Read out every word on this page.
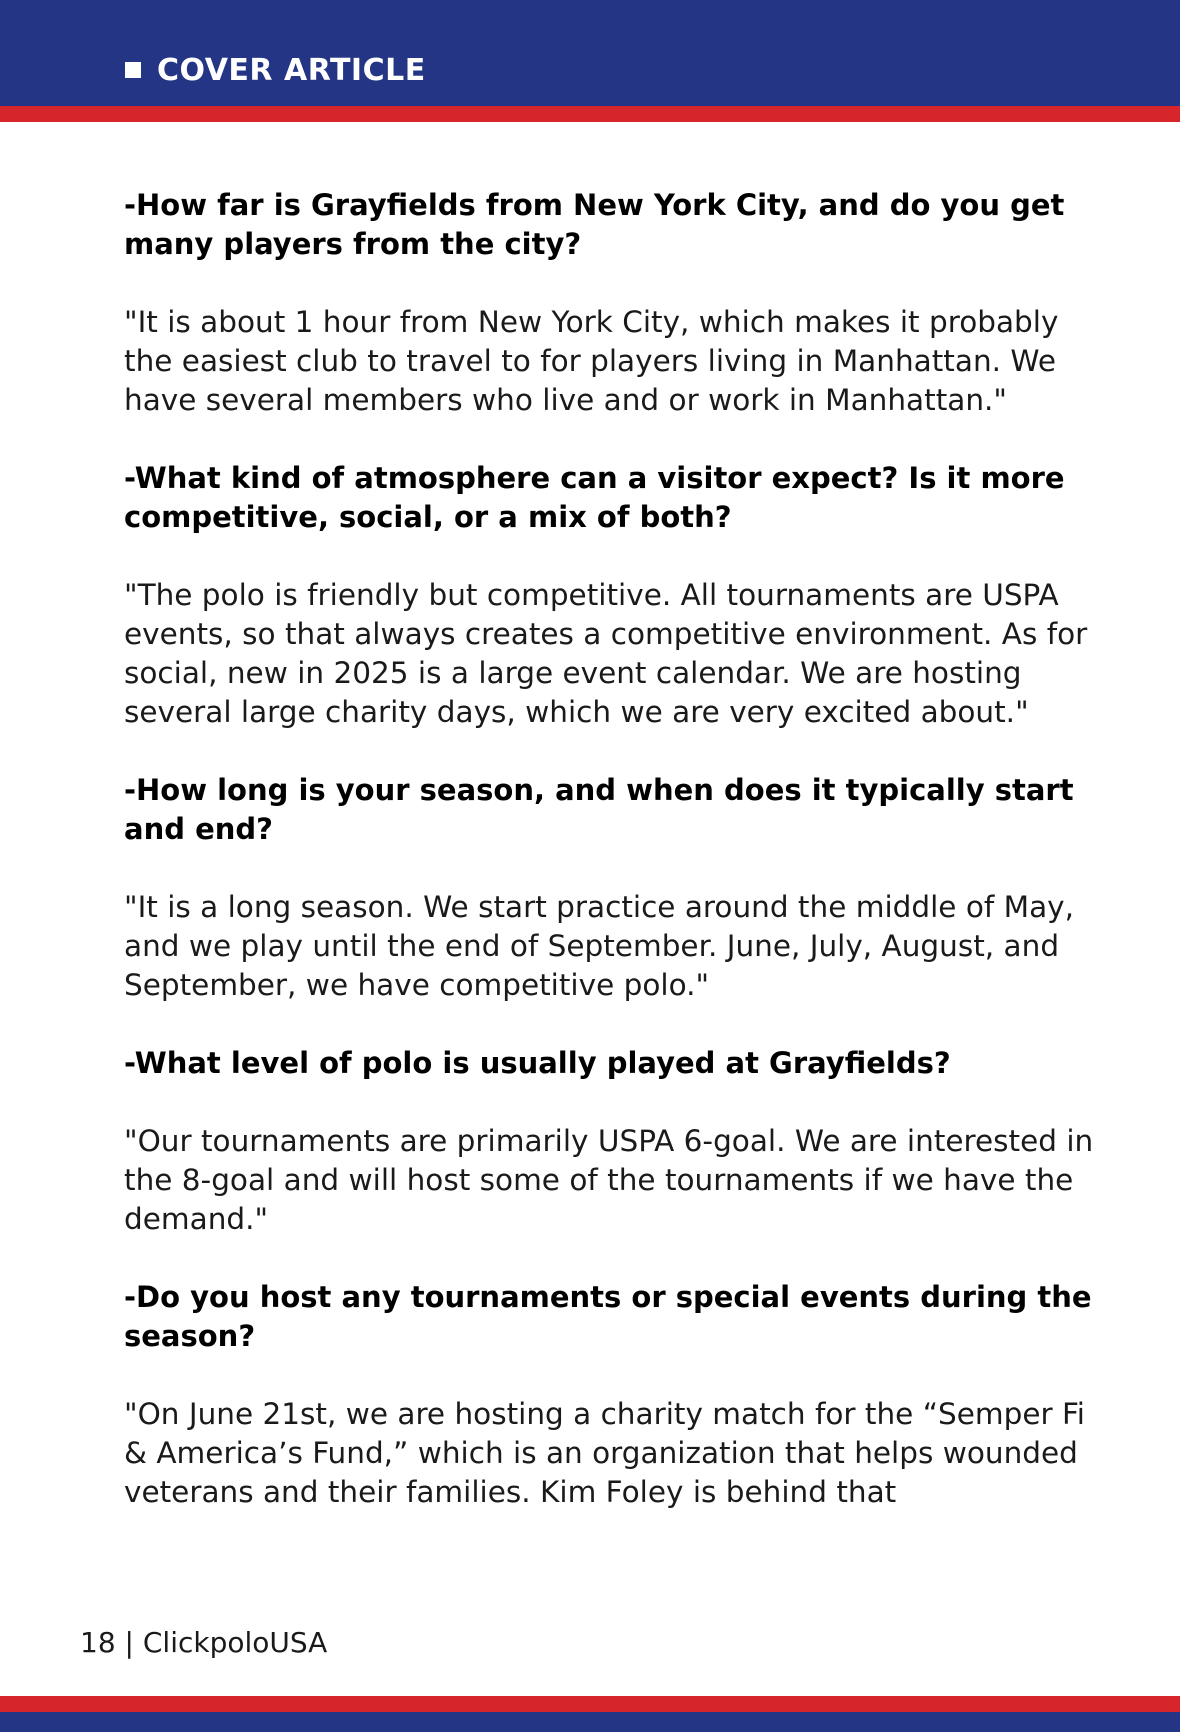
COVER ARTICLE

-How far is Grayfields from New York City, and do you get many players from the city?

"It is about 1 hour from New York City, which makes it probably the easiest club to travel to for players living in Manhattan. We have several members who live and or work in Manhattan."

-What kind of atmosphere can a visitor expect? Is it more competitive, social, or a mix of both?

"The polo is friendly but competitive. All tournaments are USPA events, so that always creates a competitive environment. As for social, new in 2025 is a large event calendar. We are hosting several large charity days, which we are very excited about."

-How long is your season, and when does it typically start and end?

"It is a long season. We start practice around the middle of May, and we play until the end of September. June, July, August, and September, we have competitive polo."

-What level of polo is usually played at Grayfields?

"Our tournaments are primarily USPA 6-goal. We are interested in the 8-goal and will host some of the tournaments if we have the demand."

-Do you host any tournaments or special events during the season?

"On June 21st, we are hosting a charity match for the “Semper Fi & America’s Fund,” which is an organization that helps wounded veterans and their families. Kim Foley is behind that

18 | ClickpoloUSA
